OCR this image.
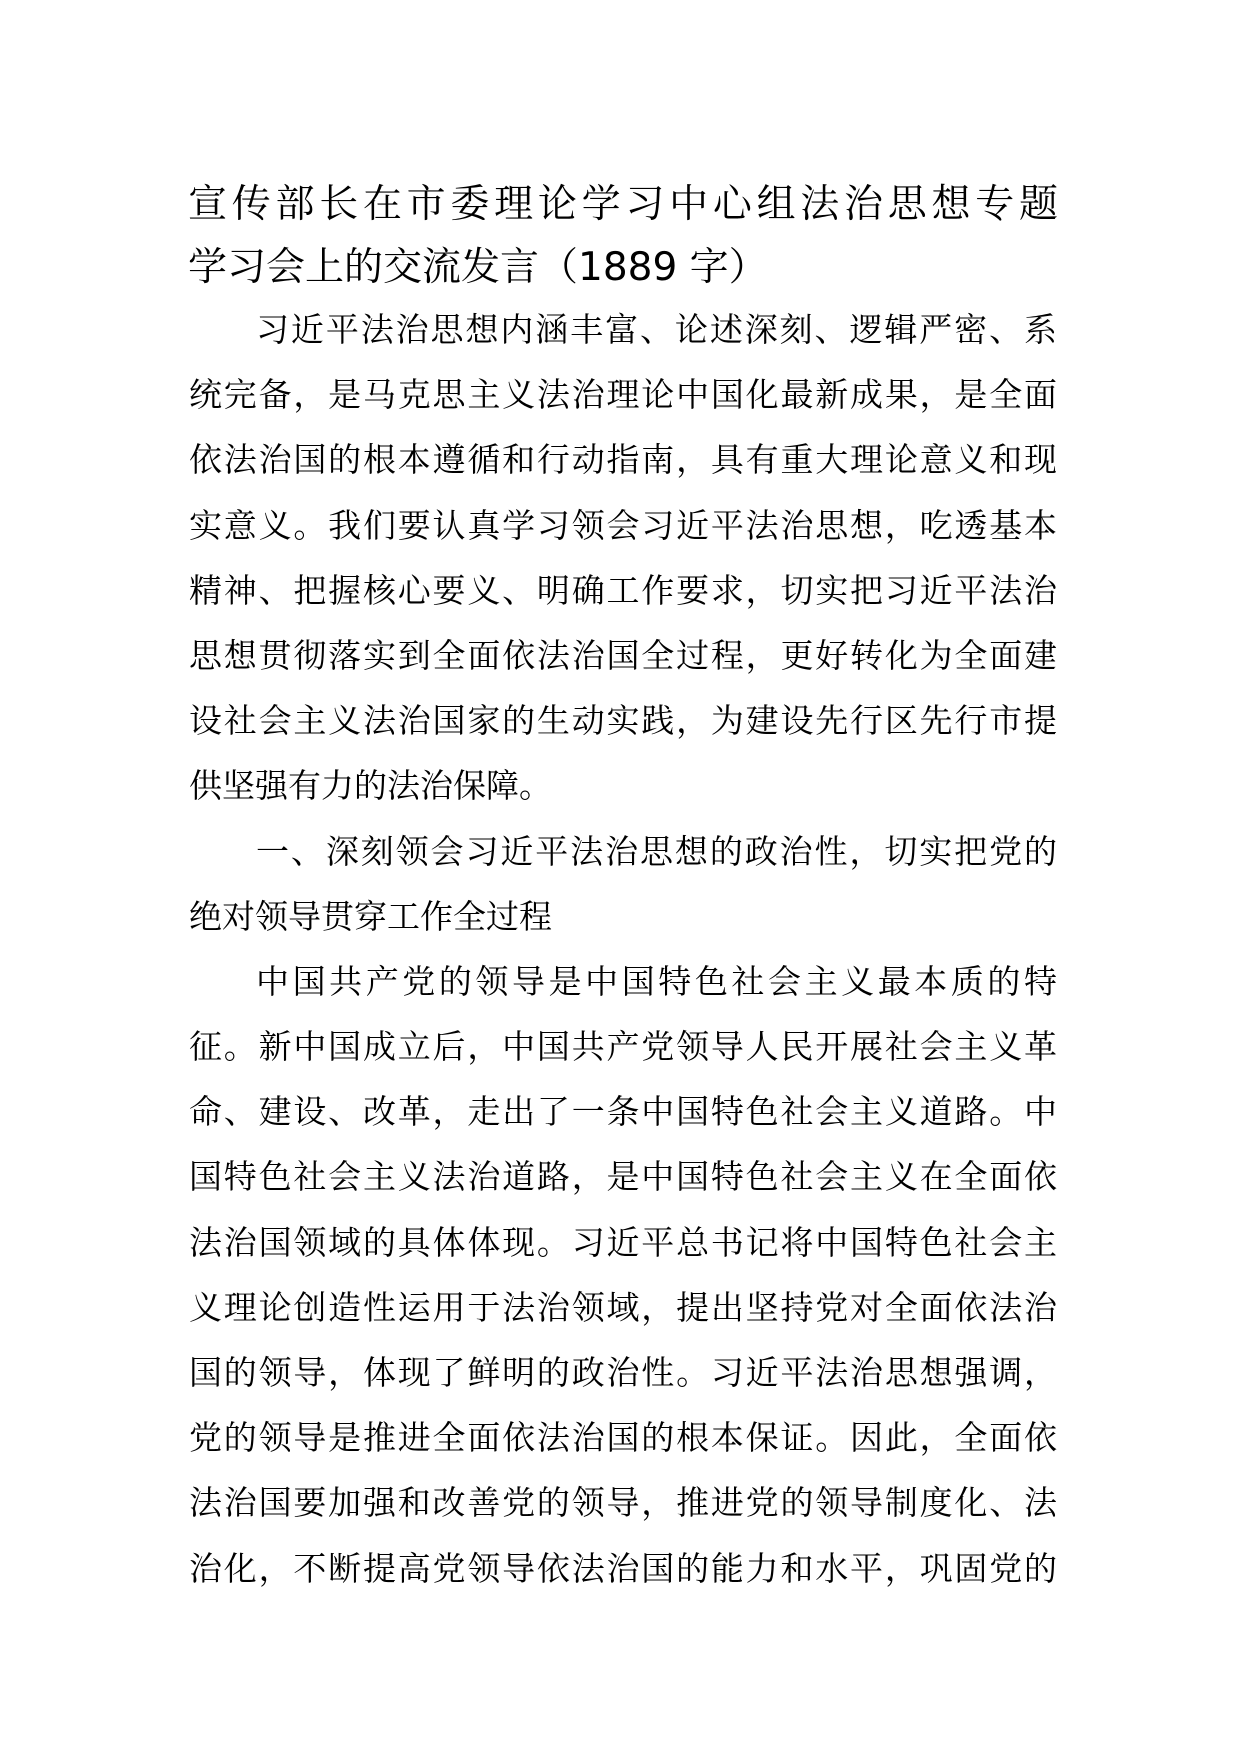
宣传部长在市委理论学习中心组法治思想专题
学习会上的交流发言（1889 字）
习近平法治思想内涵丰富、论述深刻、逻辑严密、系
统完备，是马克思主义法治理论中国化最新成果，是全面
依法治国的根本遵循和行动指南，具有重大理论意义和现
实意义。我们要认真学习领会习近平法治思想，吃透基本
精神、把握核心要义、明确工作要求，切实把习近平法治
思想贯彻落实到全面依法治国全过程，更好转化为全面建
设社会主义法治国家的生动实践，为建设先行区先行市提
供坚强有力的法治保障。
一、深刻领会习近平法治思想的政治性，切实把党的
绝对领导贯穿工作全过程
中国共产党的领导是中国特色社会主义最本质的特
征。新中国成立后，中国共产党领导人民开展社会主义革
命、建设、改革，走出了一条中国特色社会主义道路。中
国特色社会主义法治道路，是中国特色社会主义在全面依
法治国领域的具体体现。习近平总书记将中国特色社会主
义理论创造性运用于法治领域，提出坚持党对全面依法治
国的领导，体现了鲜明的政治性。习近平法治思想强调，
党的领导是推进全面依法治国的根本保证。因此，全面依
法治国要加强和改善党的领导，推进党的领导制度化、法
治化，不断提高党领导依法治国的能力和水平，巩固党的
